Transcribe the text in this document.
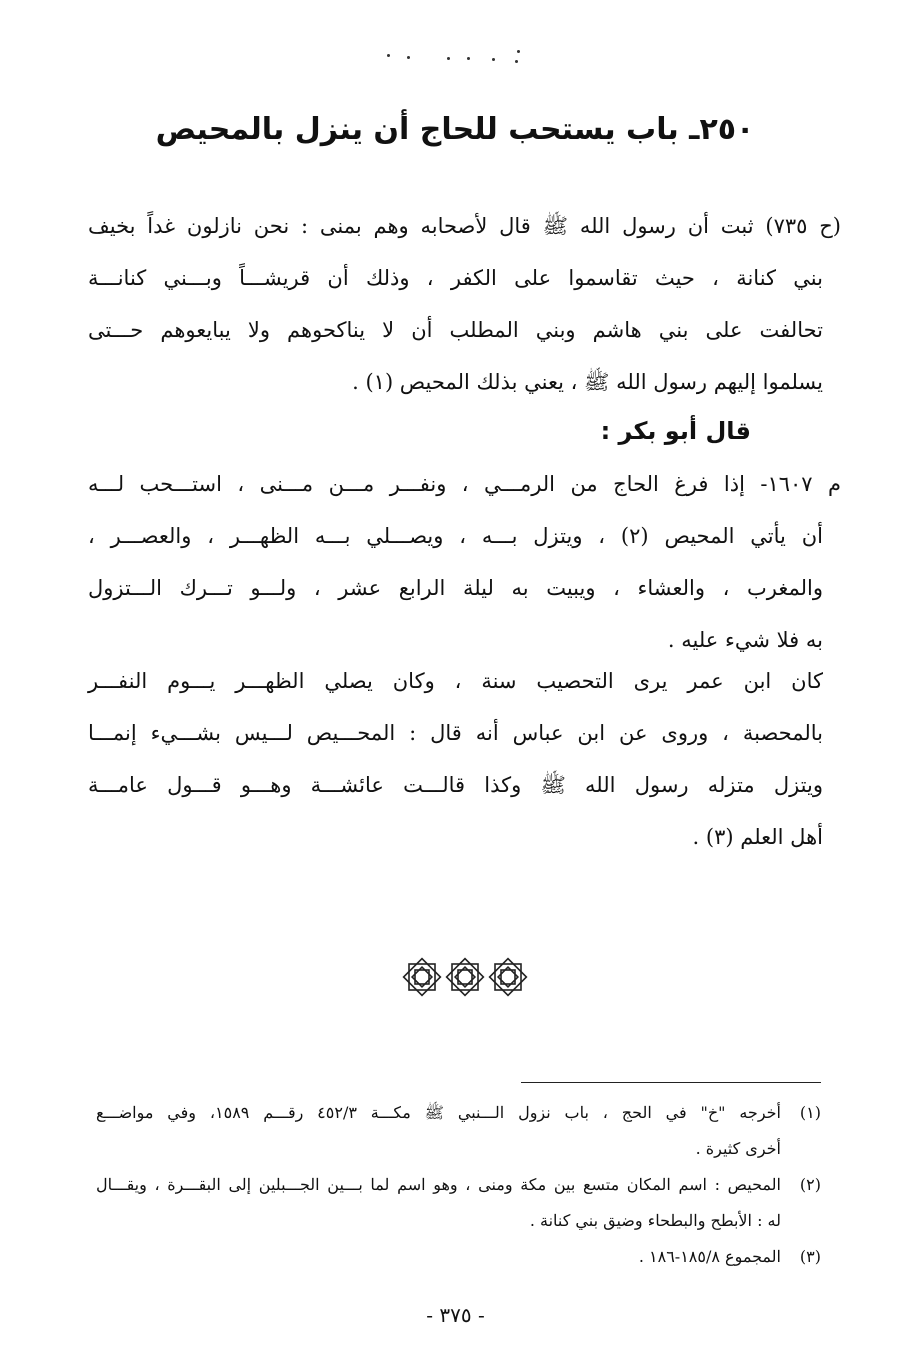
٢٥٠ـ باب يستحب للحاج أن ينزل بالمحيص
(ح ٧٣٥) ثبت أن رسول الله ﷺ قال لأصحابه وهم بمنى : نحن نازلون غداً بخيف
بني كنانة ، حيث تقاسموا على الكفر ، وذلك أن قريشـــاً وبـــني كنانـــة
تحالفت على بني هاشم وبني المطلب أن لا يناكحوهم ولا يبايعوهم حـــتى
يسلموا إليهم رسول الله ﷺ ، يعني بذلك المحيص (١) .
قال أبو بكر :
م ١٦٠٧- إذا فرغ الحاج من الرمـــي ، ونفـــر مـــن مـــنى ، استـــحب لـــه
أن يأتي المحيص (٢) ، ويتزل بـــه ، ويصـــلي بـــه الظهـــر ، والعصـــر ،
والمغرب ، والعشاء ، ويبيت به ليلة الرابع عشر ، ولـــو تـــرك الـــتزول
به فلا شيء عليه .
كان ابن عمر يرى التحصيب سنة ، وكان يصلي الظهـــر يـــوم النفـــر
بالمحصبة ، وروى عن ابن عباس أنه قال : المحـــيص لـــيس بشـــيء إنمـــا
ويتزل متزله رسول الله ﷺ وكذا قالـــت عائشـــة وهـــو قـــول عامـــة
أهل العلم (٣) .
(١)أخرجه "خ" في الحج ، باب نزول الـــنبي ﷺ مكـــة ٤٥٢/٣ رقـــم ١٥٨٩، وفي مواضـــع
أخرى كثيرة .
(٢)المحيص : اسم المكان متسع بين مكة ومنى ، وهو اسم لما بـــين الجـــبلين إلى البقـــرة ، ويقـــال
له : الأبطح والبطحاء وضيق بني كنانة .
(٣)المجموع ١٨٥/٨-١٨٦ .
- ٣٧٥ -
